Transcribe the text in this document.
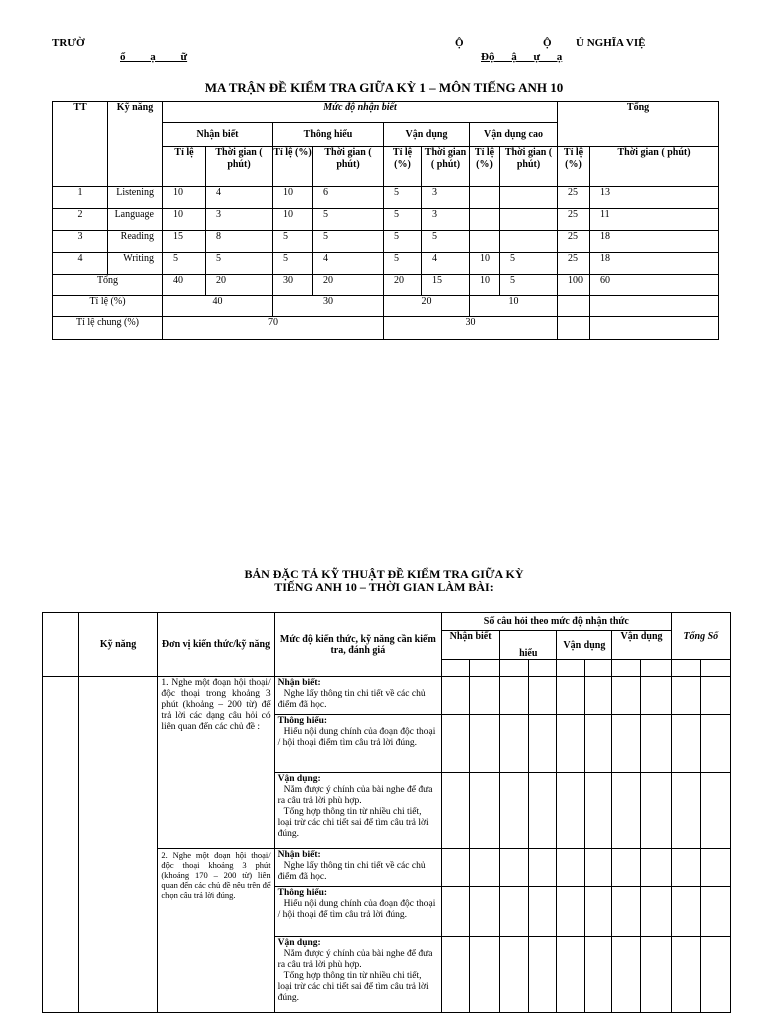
TRƯỜ
ổ ạ ữ
Ộ	Ộ Ủ NGHĨA VIỆ
Độ ậ ự ạ
MA TRẬN ĐỀ KIỂM TRA GIỮA KỲ 1 – MÔN TIẾNG ANH 10
TT	Kỹ năng	Mức độ nhận biết								Tổng	
		Nhận biết		Thông hiểu		Vận dụng		Vận dụng cao			
		Tỉ lệ	Thời gian ( phút)	Tỉ lệ (%)	Thời gian ( phút)	Tỉ lệ (%)	Thời gian ( phút)	Tỉ lệ (%)	Thời gian ( phút)	Tỉ lệ (%)	Thời gian ( phút)
1	Listening	10	4	10	6	5	3			25	13
2	Language	10	3	10	5	5	3			25	11
3	Reading	15	8	5	5	5	5			25	18
4	Writing	5	5	5	4	5	4	10	5	25	18
Tổng		40	20	30	20	20	15	10	5	100	60
Tỉ lệ (%)		40		30		20		10			
Tỉ lệ chung (%)		70				30					
BẢN ĐẶC TẢ KỸ THUẬT ĐỀ KIỂM TRA GIỮA KỲ
TIẾNG ANH 10 – THỜI GIAN LÀM BÀI:
	Kỹ năng	Đơn vị kiến thức/kỹ năng	Mức độ kiến thức, kỹ năng cần kiểm tra, đánh giá	Số câu hỏi theo mức độ nhận thức								Tổng Số	
				Nhận biết		hiểu		Vận dụng		Vận dụng			

		1. Nghe một đoạn hội thoại/ độc thoại trong khoảng 3 phút (khoảng – 200 từ) để trả lời các dạng câu hỏi có liên quan đến các chủ đề :	Nhận biết:
Nghe lấy thông tin chi tiết về các chủ điểm đã học.										

			Thông hiểu:
Hiểu nội dung chính của đoạn độc thoại / hội thoại điểm tìm câu trả lời đúng.										

			Vận dụng:
Nắm được ý chính của bài nghe để đưa ra câu trả lời phù hợp.
Tổng hợp thông tin từ nhiều chi tiết, loại trừ các chi tiết sai để tìm câu trả lời đúng.										

		2. Nghe một đoạn hội thoại/ độc thoại khoảng 3 phút (khoảng 170 – 200 từ) liên quan đến các chủ đề nêu trên để chọn câu trả lời đúng.	Nhận biết:
Nghe lấy thông tin chi tiết về các chủ điểm đã học.										

			Thông hiểu:
Hiểu nội dung chính của đoạn độc thoại / hội thoại để tìm câu trả lời đúng.										

			Vận dụng:
Nắm được ý chính của bài nghe để đưa ra câu trả lời phù hợp.
Tổng hợp thông tin từ nhiều chi tiết, loại trừ các chi tiết sai để tìm câu trả lời đúng.										
